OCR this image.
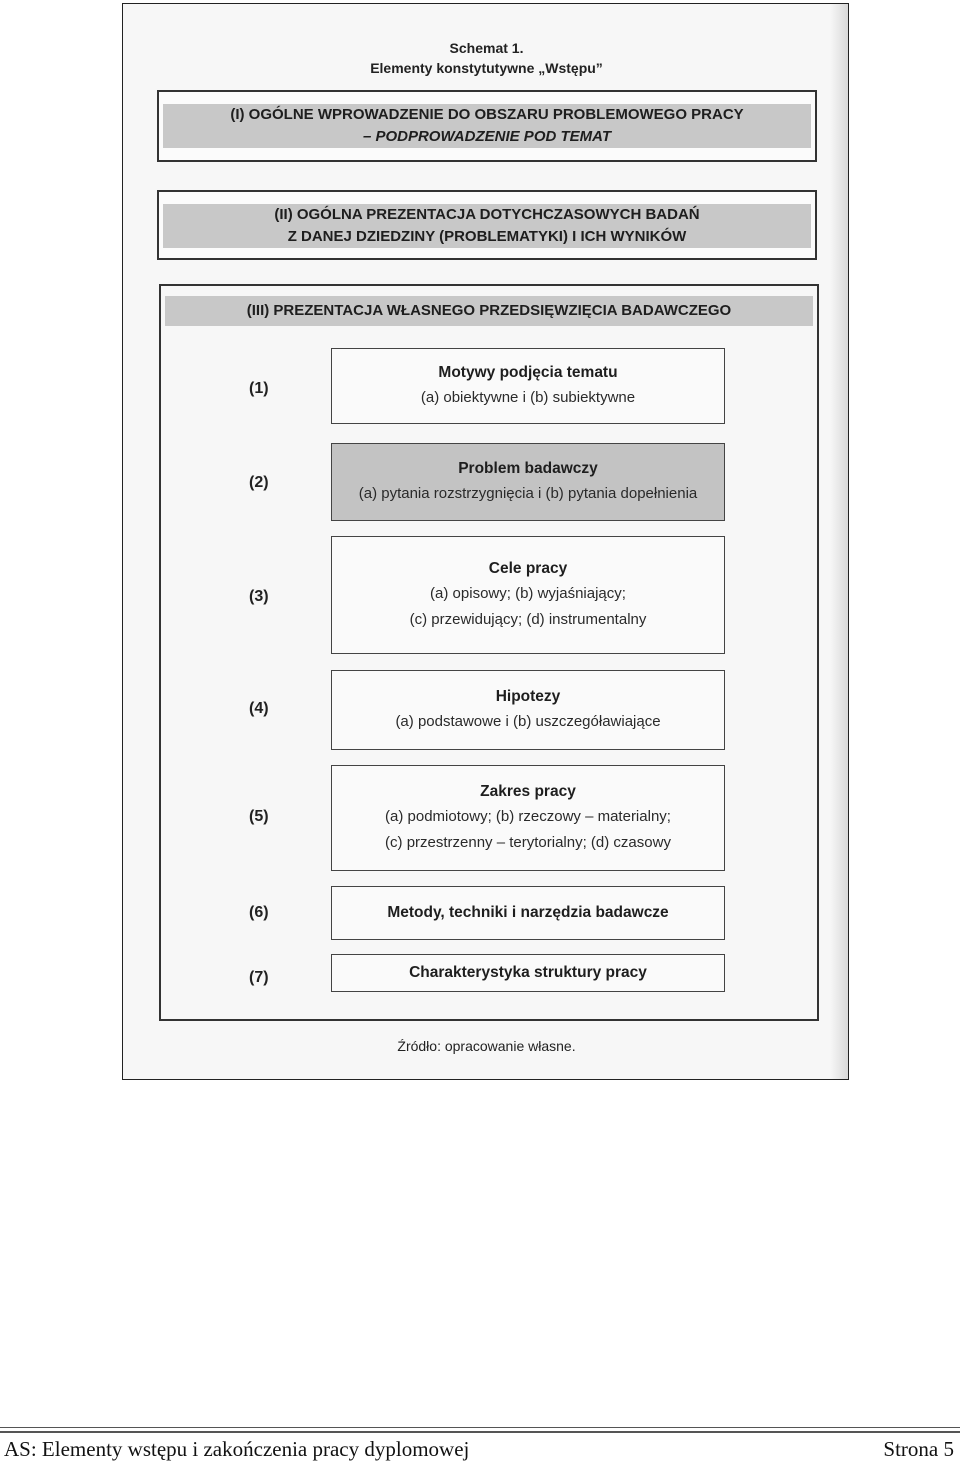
Schemat 1.
Elementy konstytutywne „Wstępu”
(I) OGÓLNE WPROWADZENIE DO OBSZARU PROBLEMOWEGO PRACY
– PODPROWADZENIE POD TEMAT
(II) OGÓLNA PREZENTACJA DOTYCHCZASOWYCH BADAŃ
Z DANEJ DZIEDZINY (PROBLEMATYKI) I ICH WYNIKÓW
(III) PREZENTACJA WŁASNEGO PRZEDSIĘWZIĘCIA BADAWCZEGO
(1)
Motywy podjęcia tematu
(a) obiektywne i (b) subiektywne
(2)
Problem badawczy
(a) pytania rozstrzygnięcia i (b) pytania dopełnienia
(3)
Cele pracy
(a) opisowy; (b) wyjaśniający;
(c) przewidujący; (d) instrumentalny
(4)
Hipotezy
(a) podstawowe i (b) uszczegóławiające
(5)
Zakres pracy
(a) podmiotowy; (b) rzeczowy – materialny;
(c) przestrzenny – terytorialny; (d) czasowy
(6)	Metody, techniki i narzędzia badawcze
(7)	Charakterystyka struktury pracy
Źródło: opracowanie własne.
AS: Elementy wstępu i zakończenia pracy dyplomowej	Strona 5
